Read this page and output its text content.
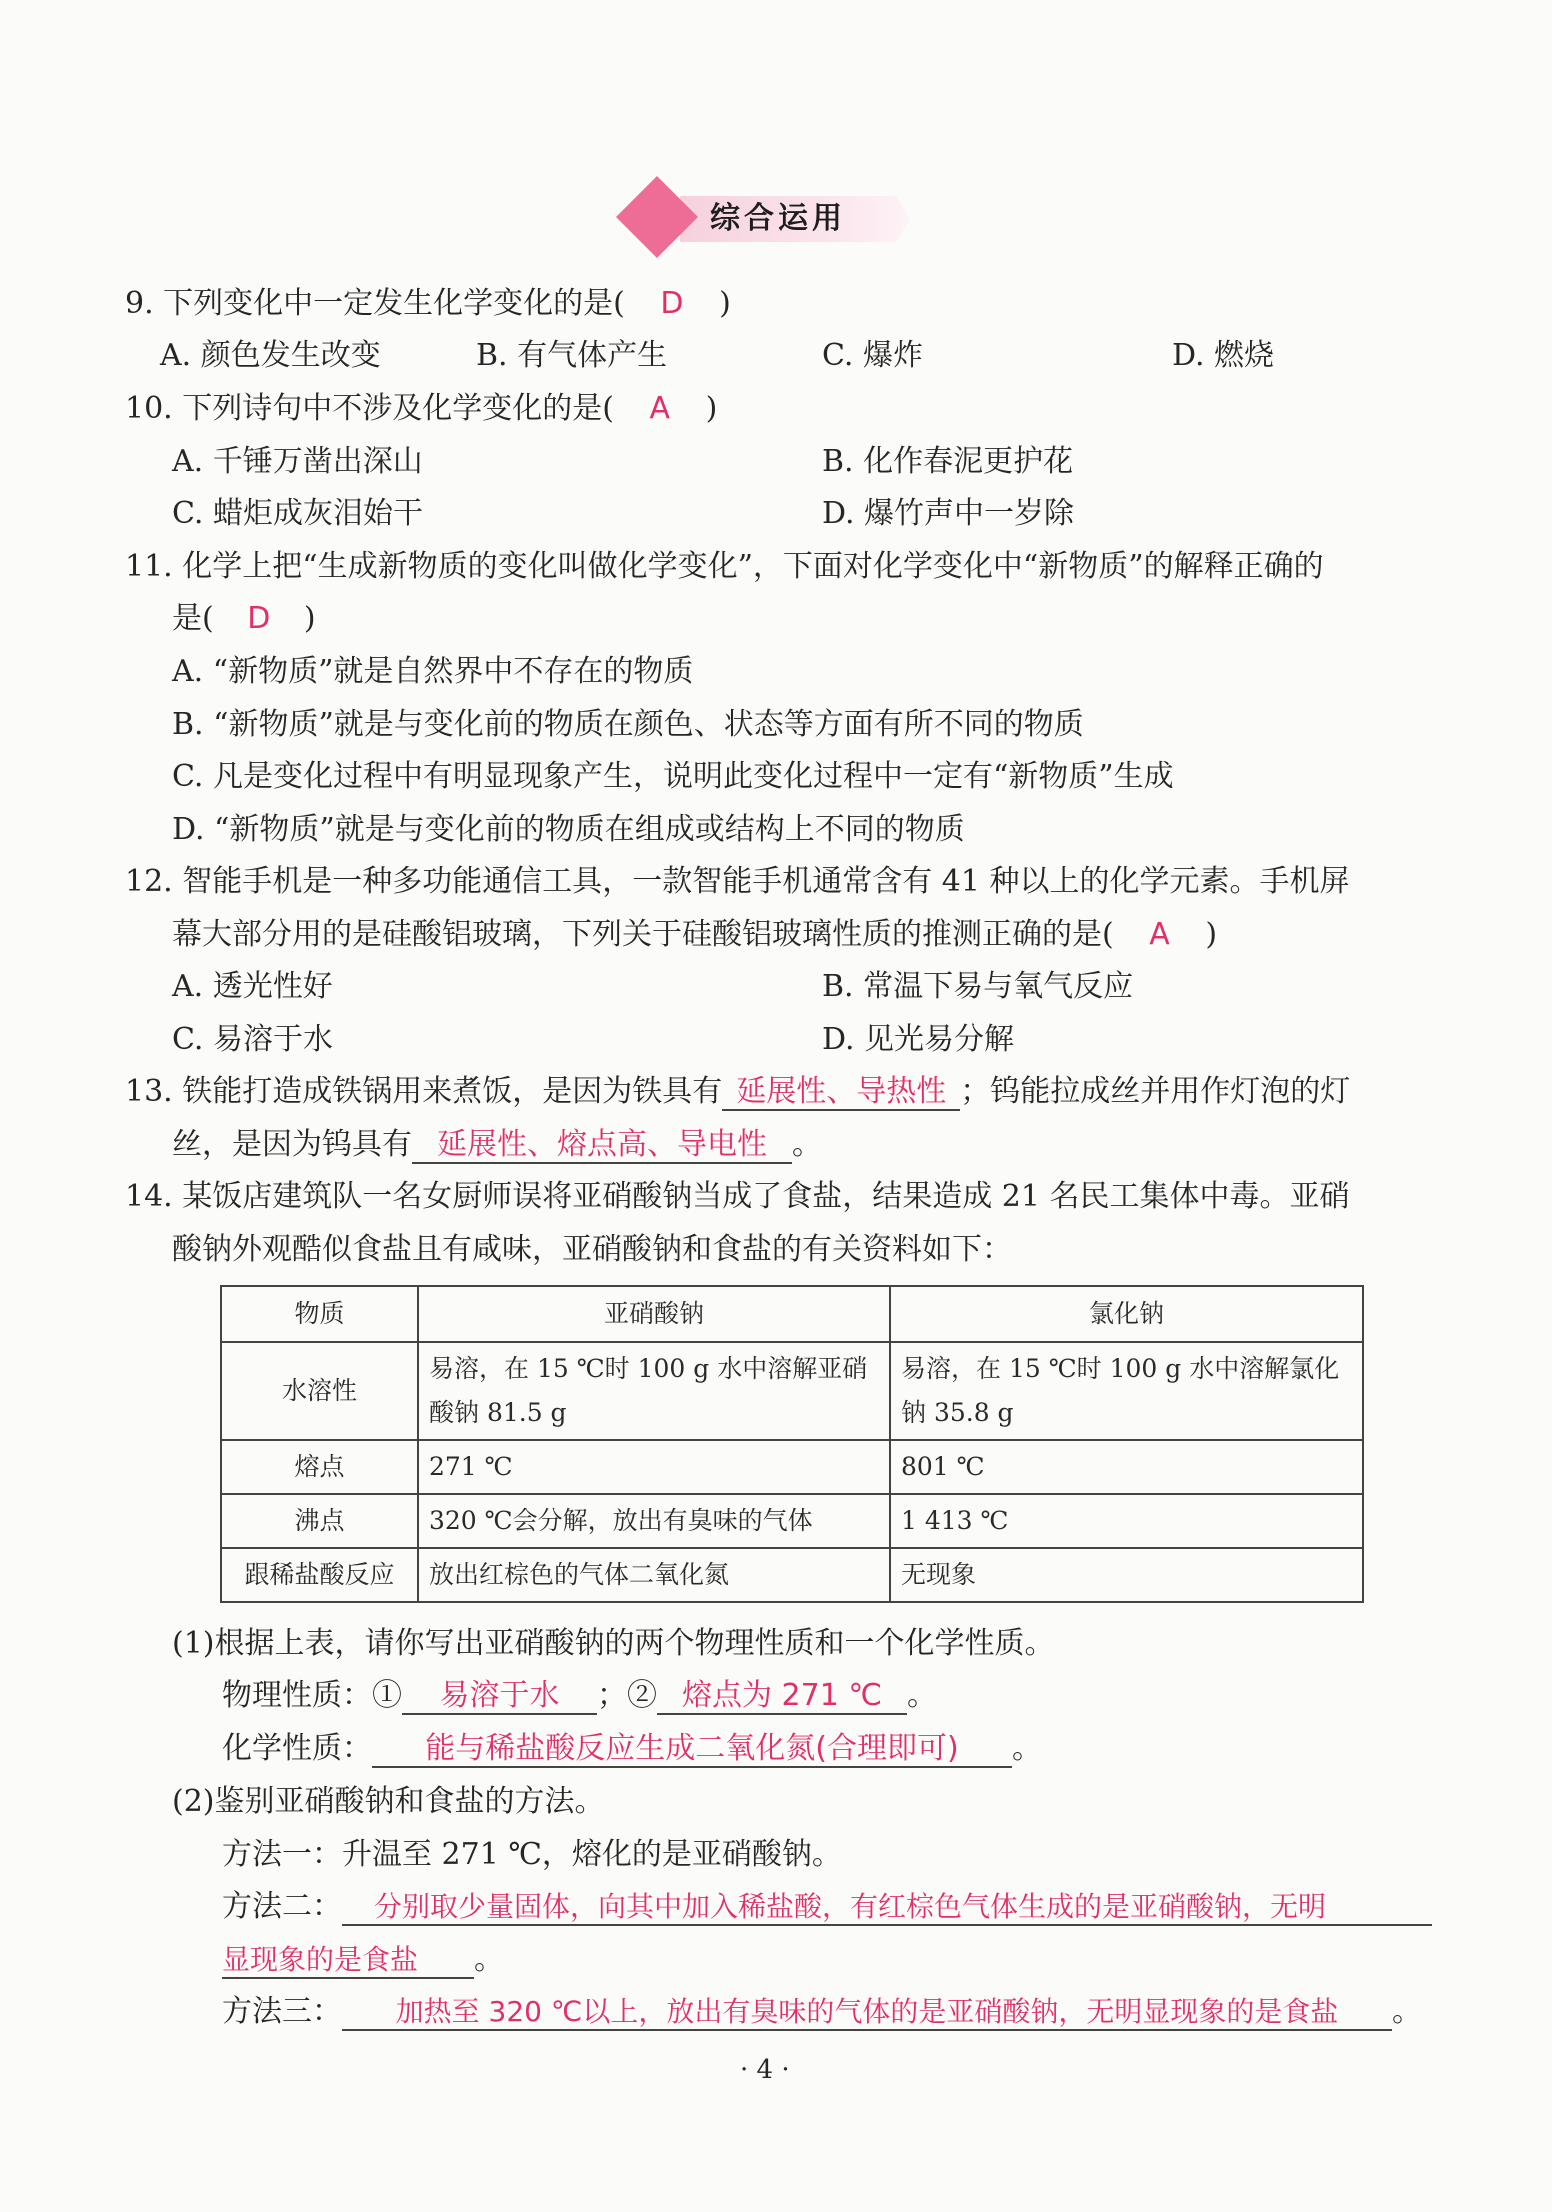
综合运用
9. 下列变化中一定发生化学变化的是( D )
A. 颜色发生改变	B. 有气体产生	C. 爆炸	D. 燃烧
10. 下列诗句中不涉及化学变化的是( A )
A. 千锤万凿出深山	B. 化作春泥更护花
C. 蜡炬成灰泪始干	D. 爆竹声中一岁除
11. 化学上把“生成新物质的变化叫做化学变化”，下面对化学变化中“新物质”的解释正确的
是( D )
A. “新物质”就是自然界中不存在的物质
B. “新物质”就是与变化前的物质在颜色、状态等方面有所不同的物质
C. 凡是变化过程中有明显现象产生，说明此变化过程中一定有“新物质”生成
D. “新物质”就是与变化前的物质在组成或结构上不同的物质
12. 智能手机是一种多功能通信工具，一款智能手机通常含有 41 种以上的化学元素。手机屏
幕大部分用的是硅酸铝玻璃，下列关于硅酸铝玻璃性质的推测正确的是( A )
A. 透光性好	B. 常温下易与氧气反应
C. 易溶于水	D. 见光易分解
13. 铁能打造成铁锅用来煮饭，是因为铁具有 延展性、导热性 ；钨能拉成丝并用作灯泡的灯
丝，是因为钨具有 延展性、熔点高、导电性 。
14. 某饭店建筑队一名女厨师误将亚硝酸钠当成了食盐，结果造成 21 名民工集体中毒。亚硝
酸钠外观酷似食盐且有咸味，亚硝酸钠和食盐的有关资料如下：
物质	亚硝酸钠	氯化钠
水溶性	易溶，在 15 ℃时 100 g 水中溶解亚硝酸钠 81.5 g	易溶，在 15 ℃时 100 g 水中溶解氯化钠 35.8 g
熔点	271 ℃	801 ℃
沸点	320 ℃会分解，放出有臭味的气体	1 413 ℃
跟稀盐酸反应	放出红棕色的气体二氧化氮	无现象
(1)根据上表，请你写出亚硝酸钠的两个物理性质和一个化学性质。
物理性质：① 易溶于水 ；② 熔点为 271 ℃ 。
化学性质： 能与稀盐酸反应生成二氧化氮(合理即可) 。
(2)鉴别亚硝酸钠和食盐的方法。
方法一：升温至 271 ℃，熔化的是亚硝酸钠。
方法二： 分别取少量固体，向其中加入稀盐酸，有红棕色气体生成的是亚硝酸钠，无明
显现象的是食盐 。
方法三： 加热至 320 ℃以上，放出有臭味的气体的是亚硝酸钠，无明显现象的是食盐 。
· 4 ·
